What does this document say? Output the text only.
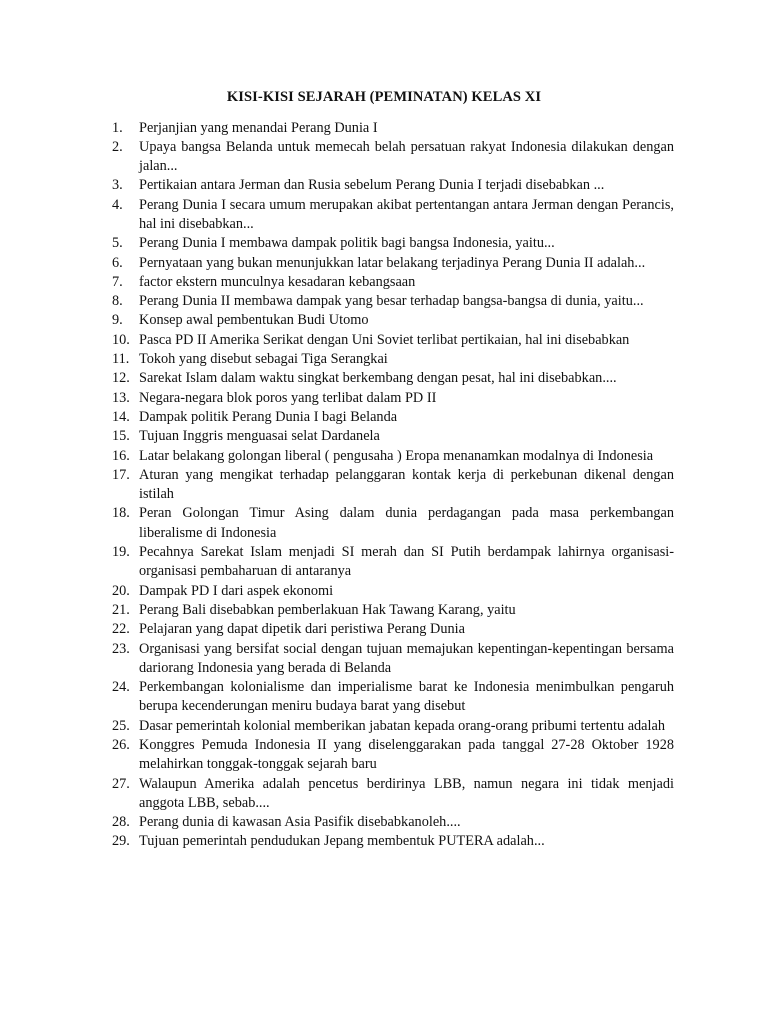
KISI-KISI SEJARAH (PEMINATAN) KELAS XI
1.	Perjanjian yang menandai Perang Dunia I
2.	Upaya bangsa Belanda untuk memecah belah persatuan rakyat Indonesia dilakukan dengan jalan...
3.	Pertikaian antara Jerman dan Rusia sebelum Perang Dunia I terjadi disebabkan ...
4.	Perang Dunia I secara umum merupakan akibat pertentangan antara Jerman dengan Perancis, hal ini disebabkan...
5.	Perang Dunia I membawa dampak politik bagi bangsa Indonesia, yaitu...
6.	Pernyataan yang bukan menunjukkan latar belakang terjadinya Perang Dunia II adalah...
7.	factor ekstern munculnya kesadaran kebangsaan
8.	Perang Dunia II membawa dampak yang besar terhadap bangsa-bangsa di dunia, yaitu...
9.	Konsep awal pembentukan Budi Utomo
10. Pasca PD II Amerika Serikat dengan Uni Soviet terlibat pertikaian, hal ini disebabkan
11. Tokoh yang disebut sebagai Tiga Serangkai
12. Sarekat Islam dalam waktu singkat berkembang dengan pesat, hal ini disebabkan....
13. Negara-negara blok poros yang terlibat dalam PD II
14. Dampak politik Perang Dunia I bagi Belanda
15. Tujuan Inggris menguasai selat Dardanela
16. Latar belakang golongan liberal ( pengusaha ) Eropa menanamkan modalnya di Indonesia
17. Aturan yang mengikat terhadap pelanggaran kontak kerja di perkebunan dikenal dengan istilah
18. Peran Golongan Timur Asing dalam dunia perdagangan pada masa perkembangan liberalisme di Indonesia
19. Pecahnya Sarekat Islam menjadi SI merah dan SI Putih berdampak lahirnya organisasi- organisasi pembaharuan di antaranya
20. Dampak PD I dari aspek ekonomi
21. Perang Bali disebabkan pemberlakuan Hak Tawang Karang, yaitu
22. Pelajaran yang dapat dipetik dari peristiwa Perang Dunia
23. Organisasi yang bersifat social dengan tujuan memajukan kepentingan-kepentingan bersama dariorang Indonesia yang berada di Belanda
24. Perkembangan kolonialisme dan imperialisme barat ke Indonesia menimbulkan pengaruh berupa kecenderungan meniru budaya barat yang disebut
25. Dasar pemerintah kolonial memberikan jabatan kepada orang-orang pribumi tertentu adalah
26. Konggres Pemuda Indonesia II yang diselenggarakan pada tanggal 27-28 Oktober 1928 melahirkan tonggak-tonggak sejarah baru
27. Walaupun Amerika adalah pencetus berdirinya LBB, namun negara ini tidak menjadi anggota LBB, sebab....
28. Perang dunia di kawasan Asia Pasifik disebabkanoleh....
29. Tujuan pemerintah pendudukan Jepang membentuk PUTERA adalah...
